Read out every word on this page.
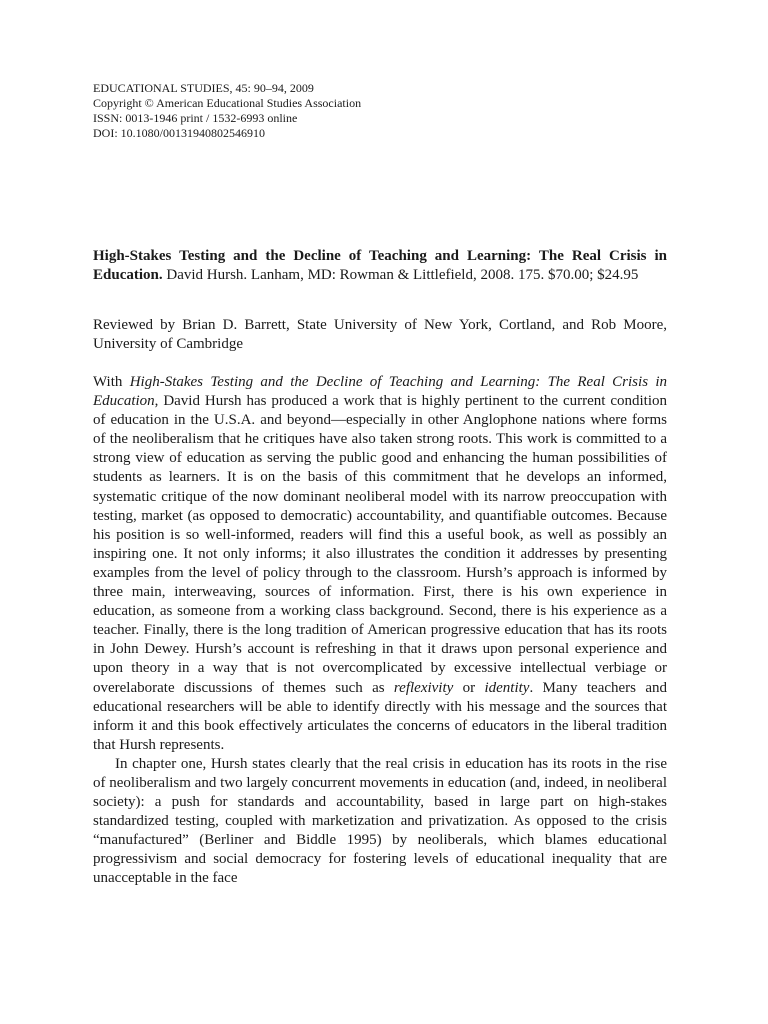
EDUCATIONAL STUDIES, 45: 90–94, 2009
Copyright © American Educational Studies Association
ISSN: 0013-1946 print / 1532-6993 online
DOI: 10.1080/00131940802546910
High-Stakes Testing and the Decline of Teaching and Learning: The Real Crisis in Education. David Hursh. Lanham, MD: Rowman & Littlefield, 2008. 175. $70.00; $24.95
Reviewed by Brian D. Barrett, State University of New York, Cortland, and Rob Moore, University of Cambridge

With High-Stakes Testing and the Decline of Teaching and Learning: The Real Crisis in Education, David Hursh has produced a work that is highly pertinent to the current condition of education in the U.S.A. and beyond—especially in other Anglophone nations where forms of the neoliberalism that he critiques have also taken strong roots. This work is committed to a strong view of education as serving the public good and enhancing the human possibilities of students as learners. It is on the basis of this commitment that he develops an informed, systematic critique of the now dominant neoliberal model with its narrow preoccupation with testing, market (as opposed to democratic) accountability, and quantifiable outcomes. Because his position is so well-informed, readers will find this a useful book, as well as possibly an inspiring one. It not only informs; it also illustrates the condition it addresses by presenting examples from the level of policy through to the classroom. Hursh’s approach is informed by three main, interweaving, sources of information. First, there is his own experience in education, as someone from a working class background. Second, there is his experience as a teacher. Finally, there is the long tradition of American progressive education that has its roots in John Dewey. Hursh’s account is refreshing in that it draws upon personal experience and upon theory in a way that is not overcomplicated by excessive intellectual verbiage or overelaborate discussions of themes such as reflexivity or identity. Many teachers and educational researchers will be able to identify directly with his message and the sources that inform it and this book effectively articulates the concerns of educators in the liberal tradition that Hursh represents.

In chapter one, Hursh states clearly that the real crisis in education has its roots in the rise of neoliberalism and two largely concurrent movements in education (and, indeed, in neoliberal society): a push for standards and accountability, based in large part on high-stakes standardized testing, coupled with marketization and privatization. As opposed to the crisis “manufactured” (Berliner and Biddle 1995) by neoliberals, which blames educational progressivism and social democracy for fostering levels of educational inequality that are unacceptable in the face
